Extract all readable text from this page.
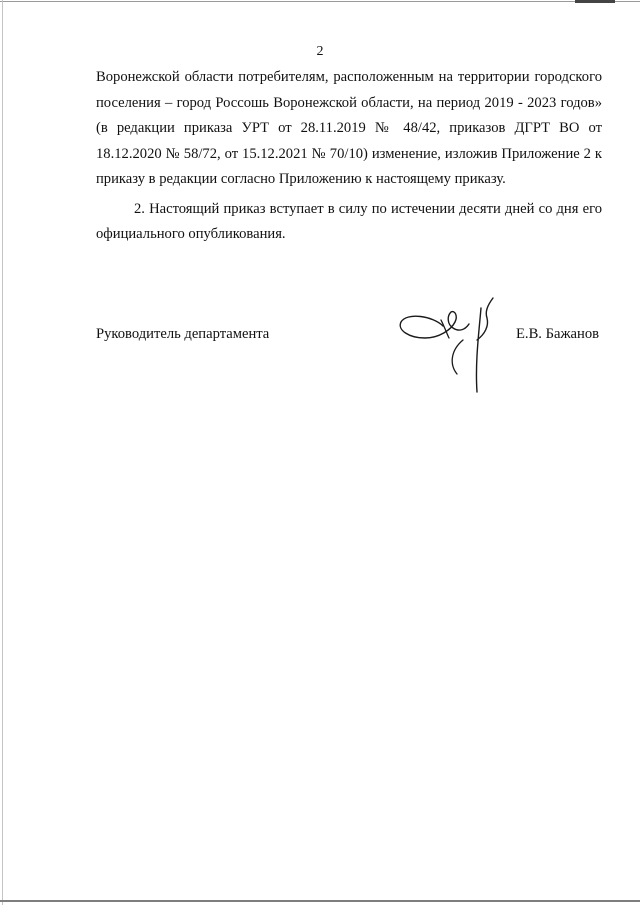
2

Воронежской области потребителям, расположенным на территории городского поселения – город Россошь Воронежской области, на период 2019 - 2023 годов» (в редакции приказа УРТ от 28.11.2019 № 48/42, приказов ДГРТ ВО от 18.12.2020 № 58/72, от 15.12.2021 № 70/10) изменение, изложив Приложение 2 к приказу в редакции согласно Приложению к настоящему приказу.

2. Настоящий приказ вступает в силу по истечении десяти дней со дня его официального опубликования.

Руководитель департамента	Е.В. Бажанов
